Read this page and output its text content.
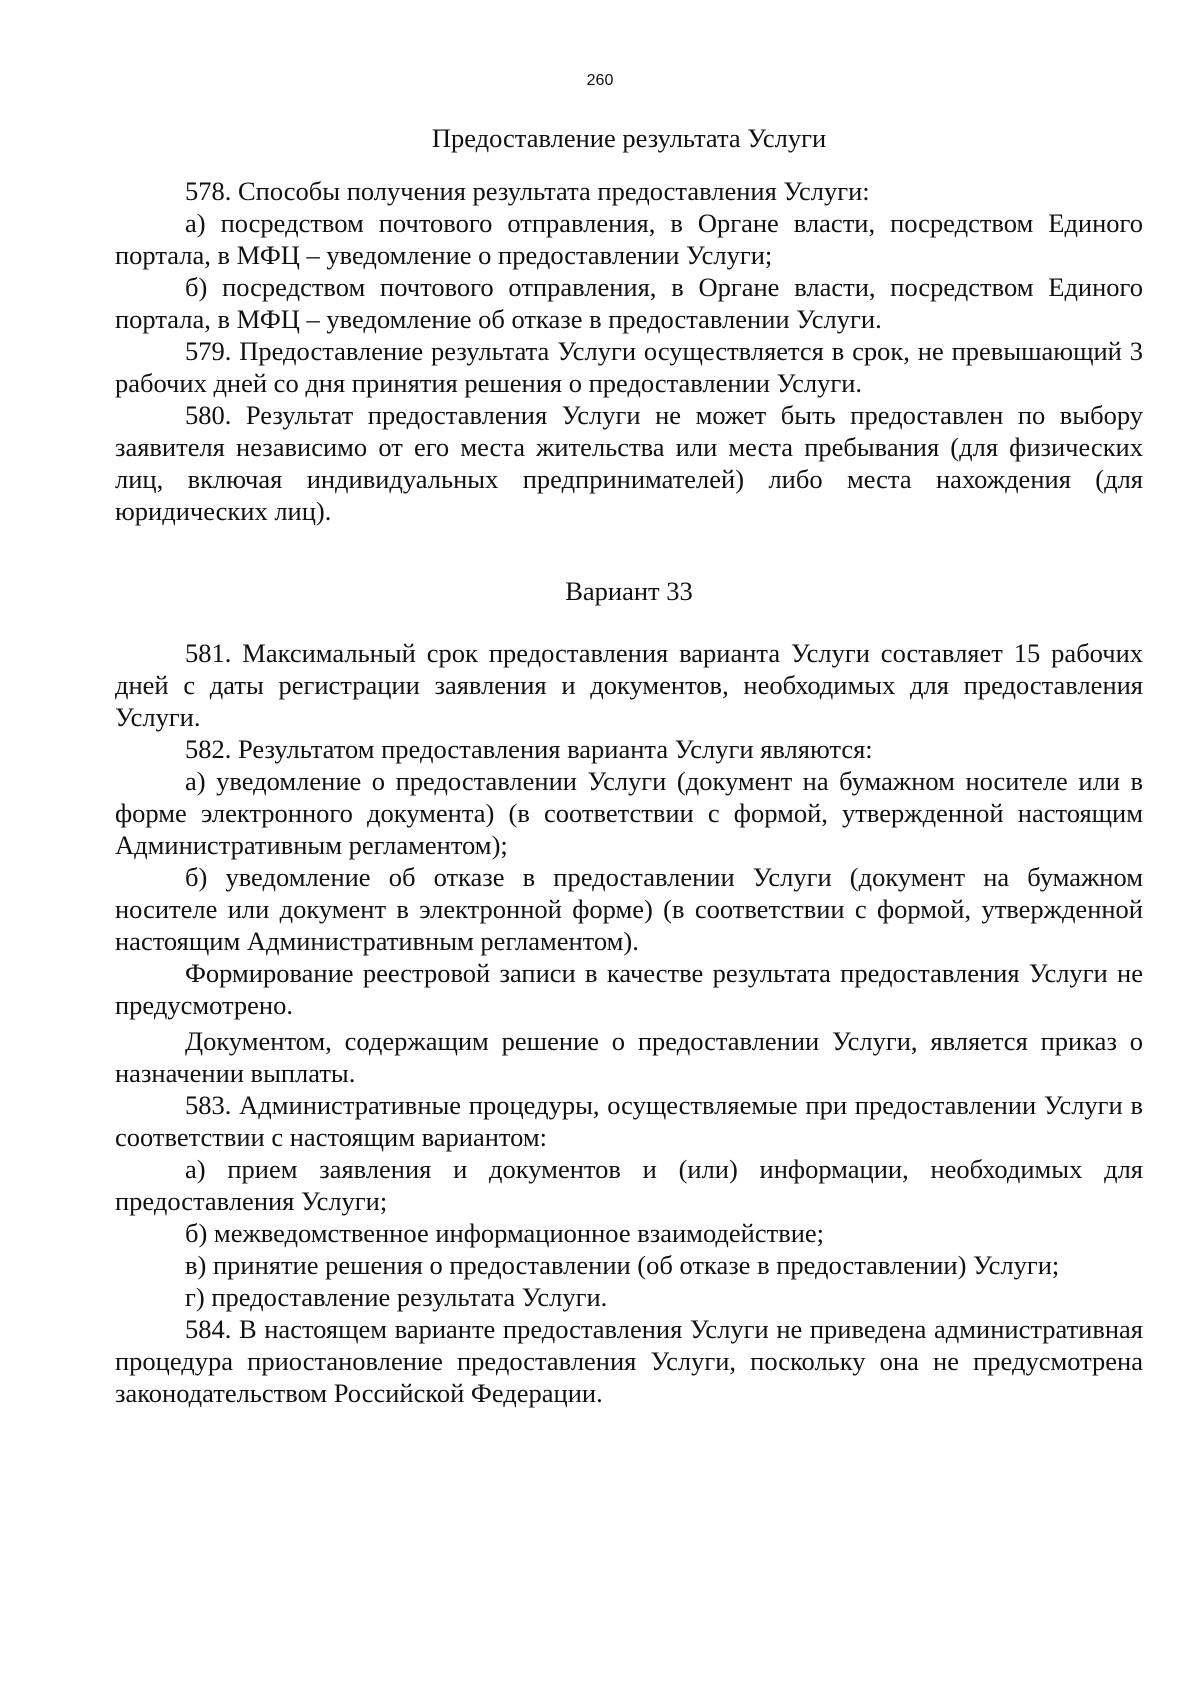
260
Предоставление результата Услуги

578. Способы получения результата предоставления Услуги:

а) посредством почтового отправления, в Органе власти, посредством Единого портала, в МФЦ – уведомление о предоставлении Услуги;

б) посредством почтового отправления, в Органе власти, посредством Единого портала, в МФЦ – уведомление об отказе в предоставлении Услуги.

579. Предоставление результата Услуги осуществляется в срок, не превышающий 3 рабочих дней со дня принятия решения о предоставлении Услуги.

580. Результат предоставления Услуги не может быть предоставлен по выбору заявителя независимо от его места жительства или места пребывания (для физических лиц, включая индивидуальных предпринимателей) либо места нахождения (для юридических лиц).

Вариант 33

581. Максимальный срок предоставления варианта Услуги составляет 15 рабочих дней с даты регистрации заявления и документов, необходимых для предоставления Услуги.

582. Результатом предоставления варианта Услуги являются:

а) уведомление о предоставлении Услуги (документ на бумажном носителе или в форме электронного документа) (в соответствии с формой, утвержденной настоящим Административным регламентом);

б) уведомление об отказе в предоставлении Услуги (документ на бумажном носителе или документ в электронной форме) (в соответствии с формой, утвержденной настоящим Административным регламентом).

Формирование реестровой записи в качестве результата предоставления Услуги не предусмотрено.

Документом, содержащим решение о предоставлении Услуги, является приказ о назначении выплаты.

583. Административные процедуры, осуществляемые при предоставлении Услуги в соответствии с настоящим вариантом:

а) прием заявления и документов и (или) информации, необходимых для предоставления Услуги;

б) межведомственное информационное взаимодействие;

в) принятие решения о предоставлении (об отказе в предоставлении) Услуги;

г) предоставление результата Услуги.

584. В настоящем варианте предоставления Услуги не приведена административная процедура приостановление предоставления Услуги, поскольку она не предусмотрена законодательством Российской Федерации.
